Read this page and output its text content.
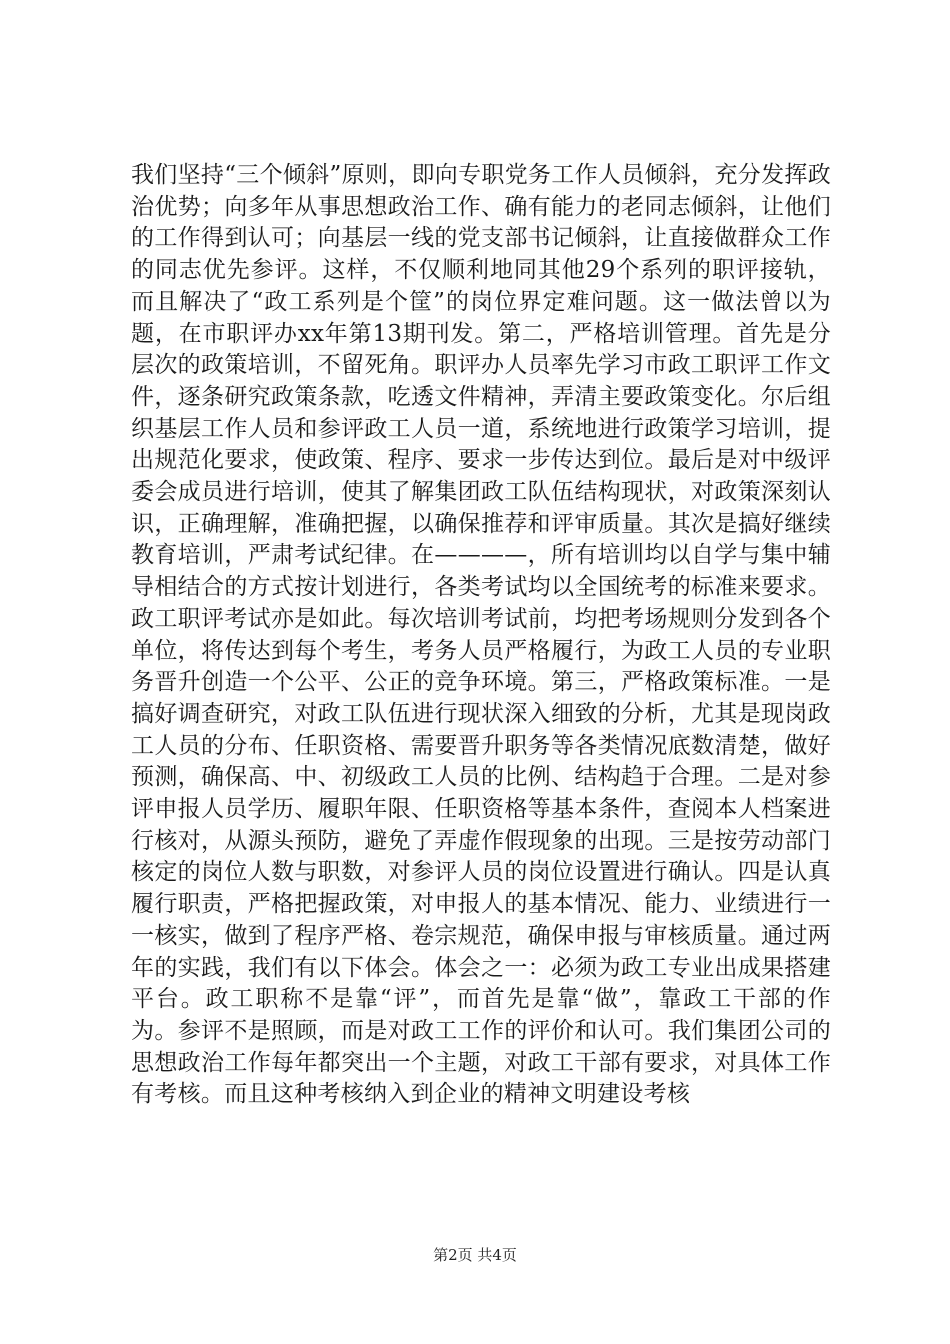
我们坚持“三个倾斜”原则，即向专职党务工作人员倾斜，充分发挥政治优势；向多年从事思想政治工作、确有能力的老同志倾斜，让他们的工作得到认可；向基层一线的党支部书记倾斜，让直接做群众工作的同志优先参评。这样，不仅顺利地同其他29个系列的职评接轨，而且解决了“政工系列是个筐”的岗位界定难问题。这一做法曾以为题，在市职评办xx年第13期刊发。第二，严格培训管理。首先是分层次的政策培训，不留死角。职评办人员率先学习市政工职评工作文件，逐条研究政策条款，吃透文件精神，弄清主要政策变化。尔后组织基层工作人员和参评政工人员一道，系统地进行政策学习培训，提出规范化要求，使政策、程序、要求一步传达到位。最后是对中级评委会成员进行培训，使其了解集团政工队伍结构现状，对政策深刻认识，正确理解，准确把握，以确保推荐和评审质量。其次是搞好继续教育培训，严肃考试纪律。在————，所有培训均以自学与集中辅导相结合的方式按计划进行，各类考试均以全国统考的标准来要求。政工职评考试亦是如此。每次培训考试前，均把考场规则分发到各个单位，将传达到每个考生，考务人员严格履行，为政工人员的专业职务晋升创造一个公平、公正的竞争环境。第三，严格政策标准。一是搞好调查研究，对政工队伍进行现状深入细致的分析，尤其是现岗政工人员的分布、任职资格、需要晋升职务等各类情况底数清楚，做好预测，确保高、中、初级政工人员的比例、结构趋于合理。二是对参评申报人员学历、履职年限、任职资格等基本条件，查阅本人档案进行核对，从源头预防，避免了弄虚作假现象的出现。三是按劳动部门核定的岗位人数与职数，对参评人员的岗位设置进行确认。四是认真履行职责，严格把握政策，对申报人的基本情况、能力、业绩进行一一核实，做到了程序严格、卷宗规范，确保申报与审核质量。通过两年的实践，我们有以下体会。体会之一：必须为政工专业出成果搭建平台。政工职称不是靠“评”，而首先是靠“做”，靠政工干部的作为。参评不是照顾，而是对政工工作的评价和认可。我们集团公司的思想政治工作每年都突出一个主题，对政工干部有要求，对具体工作有考核。而且这种考核纳入到企业的精神文明建设考核

第2页 共4页
